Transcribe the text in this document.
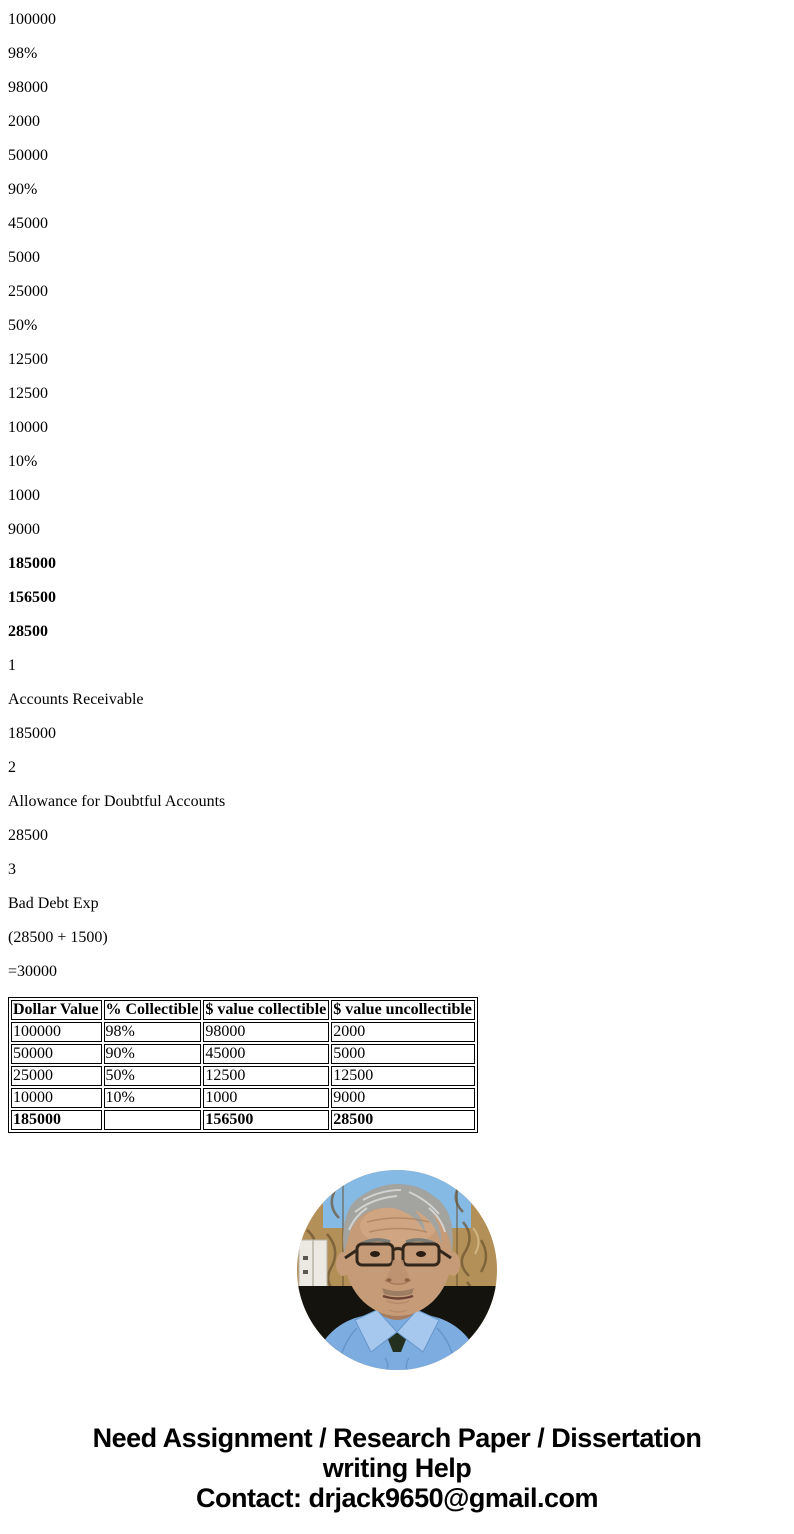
100000

98%

98000

2000

50000

90%

45000

5000

25000

50%

12500

12500

10000

10%

1000

9000

185000

156500

28500

1

Accounts Receivable

185000

2

Allowance for Doubtful Accounts

28500

3

Bad Debt Exp

(28500 + 1500)

=30000

Dollar Value	% Collectible	$ value collectible	$ value uncollectible
100000	98%	98000	2000
50000	90%	45000	5000
25000	50%	12500	12500
10000	10%	1000	9000
185000		156500	28500
Need Assignment / Research Paper / Dissertation
writing Help
Contact: drjack9650@gmail.com
